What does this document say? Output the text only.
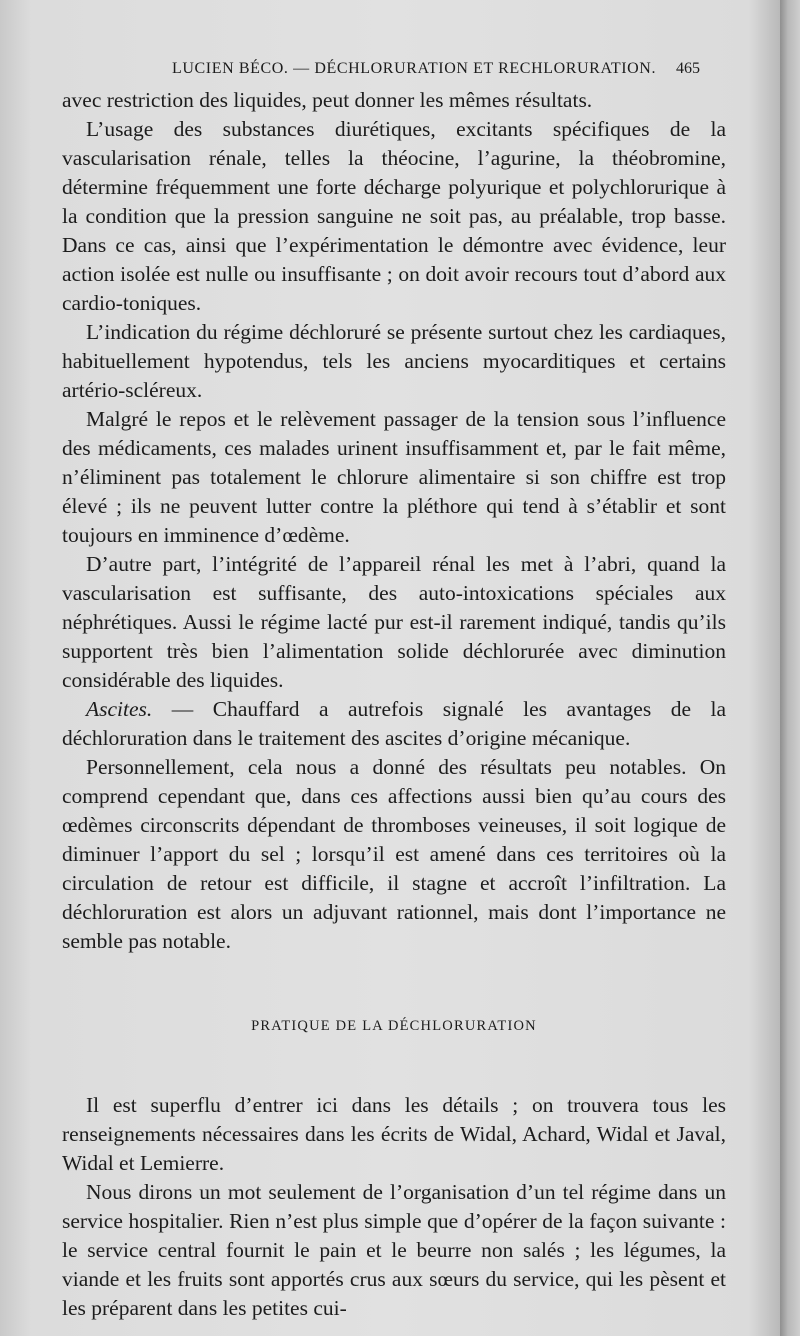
LUCIEN BÉCO. — DÉCHLORURATION ET RECHLORURATION. 465

avec restriction des liquides, peut donner les mêmes résultats.

L’usage des substances diurétiques, excitants spécifiques de la vascularisation rénale, telles la théocine, l’agurine, la théobromine, détermine fréquemment une forte décharge polyurique et polychlorurique à la condition que la pression sanguine ne soit pas, au préalable, trop basse. Dans ce cas, ainsi que l’expérimentation le démontre avec évidence, leur action isolée est nulle ou insuffisante ; on doit avoir recours tout d’abord aux cardio-toniques.

L’indication du régime déchloruré se présente surtout chez les cardiaques, habituellement hypotendus, tels les anciens myocarditiques et certains artério-scléreux.

Malgré le repos et le relèvement passager de la tension sous l’influence des médicaments, ces malades urinent insuffisamment et, par le fait même, n’éliminent pas totalement le chlorure alimentaire si son chiffre est trop élevé ; ils ne peuvent lutter contre la pléthore qui tend à s’établir et sont toujours en imminence d’œdème.

D’autre part, l’intégrité de l’appareil rénal les met à l’abri, quand la vascularisation est suffisante, des auto-intoxications spéciales aux néphrétiques. Aussi le régime lacté pur est-il rarement indiqué, tandis qu’ils supportent très bien l’alimentation solide déchlorurée avec diminution considérable des liquides.

Ascites. — Chauffard a autrefois signalé les avantages de la déchloruration dans le traitement des ascites d’origine mécanique.

Personnellement, cela nous a donné des résultats peu notables. On comprend cependant que, dans ces affections aussi bien qu’au cours des œdèmes circonscrits dépendant de thromboses veineuses, il soit logique de diminuer l’apport du sel ; lorsqu’il est amené dans ces territoires où la circulation de retour est difficile, il stagne et accroît l’infiltration. La déchloruration est alors un adjuvant rationnel, mais dont l’importance ne semble pas notable.

PRATIQUE DE LA DÉCHLORURATION

Il est superflu d’entrer ici dans les détails ; on trouvera tous les renseignements nécessaires dans les écrits de Widal, Achard, Widal et Javal, Widal et Lemierre.

Nous dirons un mot seulement de l’organisation d’un tel régime dans un service hospitalier. Rien n’est plus simple que d’opérer de la façon suivante : le service central fournit le pain et le beurre non salés ; les légumes, la viande et les fruits sont apportés crus aux sœurs du service, qui les pèsent et les préparent dans les petites cui-
